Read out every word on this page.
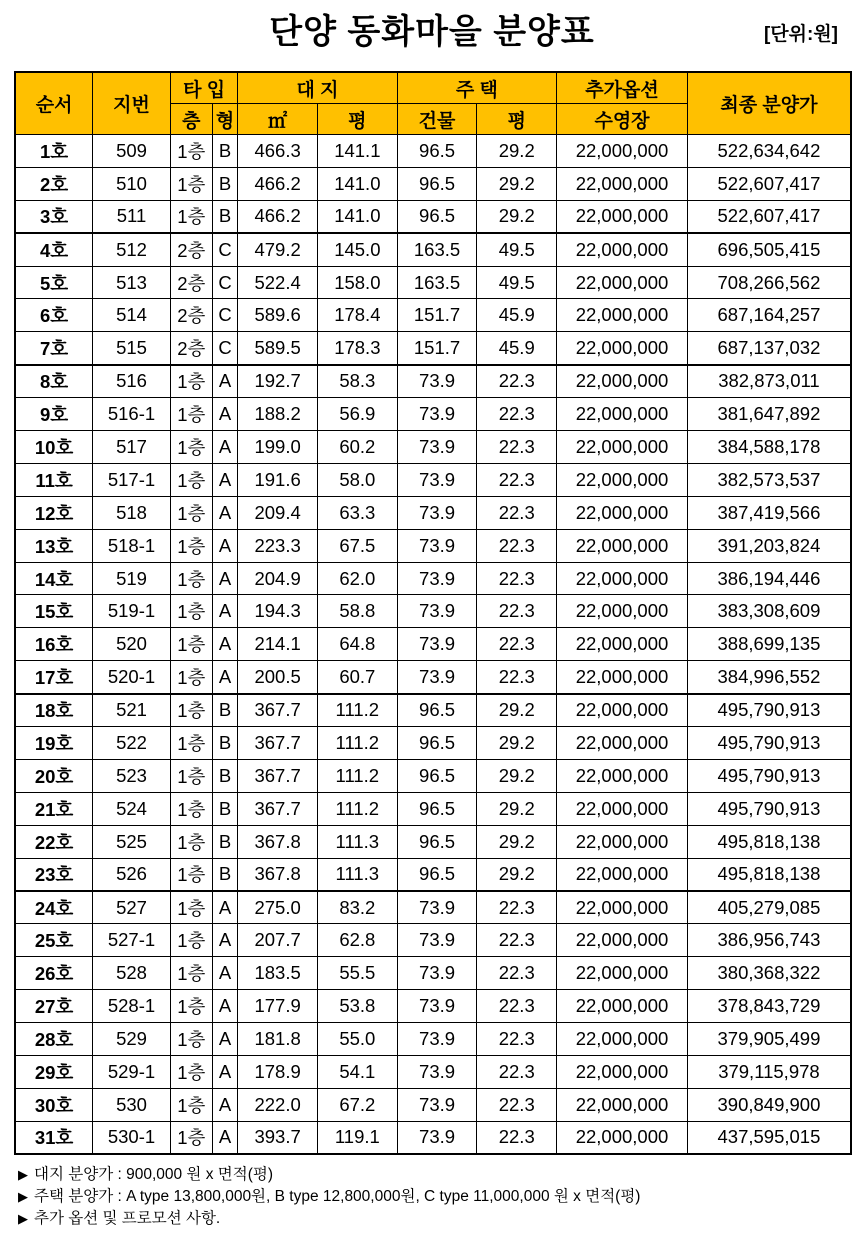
단양 동화마을 분양표	[단위:원]
순서	지번	타 입		대 지		주 택		추가옵션	최종 분양가
		층	형	㎡	평	건물	평	수영장	
1호	509	1층	B	466.3	141.1	96.5	29.2	22,000,000	522,634,642
2호	510	1층	B	466.2	141.0	96.5	29.2	22,000,000	522,607,417
3호	511	1층	B	466.2	141.0	96.5	29.2	22,000,000	522,607,417
4호	512	2층	C	479.2	145.0	163.5	49.5	22,000,000	696,505,415
5호	513	2층	C	522.4	158.0	163.5	49.5	22,000,000	708,266,562
6호	514	2층	C	589.6	178.4	151.7	45.9	22,000,000	687,164,257
7호	515	2층	C	589.5	178.3	151.7	45.9	22,000,000	687,137,032
8호	516	1층	A	192.7	58.3	73.9	22.3	22,000,000	382,873,011
9호	516-1	1층	A	188.2	56.9	73.9	22.3	22,000,000	381,647,892
10호	517	1층	A	199.0	60.2	73.9	22.3	22,000,000	384,588,178
11호	517-1	1층	A	191.6	58.0	73.9	22.3	22,000,000	382,573,537
12호	518	1층	A	209.4	63.3	73.9	22.3	22,000,000	387,419,566
13호	518-1	1층	A	223.3	67.5	73.9	22.3	22,000,000	391,203,824
14호	519	1층	A	204.9	62.0	73.9	22.3	22,000,000	386,194,446
15호	519-1	1층	A	194.3	58.8	73.9	22.3	22,000,000	383,308,609
16호	520	1층	A	214.1	64.8	73.9	22.3	22,000,000	388,699,135
17호	520-1	1층	A	200.5	60.7	73.9	22.3	22,000,000	384,996,552
18호	521	1층	B	367.7	111.2	96.5	29.2	22,000,000	495,790,913
19호	522	1층	B	367.7	111.2	96.5	29.2	22,000,000	495,790,913
20호	523	1층	B	367.7	111.2	96.5	29.2	22,000,000	495,790,913
21호	524	1층	B	367.7	111.2	96.5	29.2	22,000,000	495,790,913
22호	525	1층	B	367.8	111.3	96.5	29.2	22,000,000	495,818,138
23호	526	1층	B	367.8	111.3	96.5	29.2	22,000,000	495,818,138
24호	527	1층	A	275.0	83.2	73.9	22.3	22,000,000	405,279,085
25호	527-1	1층	A	207.7	62.8	73.9	22.3	22,000,000	386,956,743
26호	528	1층	A	183.5	55.5	73.9	22.3	22,000,000	380,368,322
27호	528-1	1층	A	177.9	53.8	73.9	22.3	22,000,000	378,843,729
28호	529	1층	A	181.8	55.0	73.9	22.3	22,000,000	379,905,499
29호	529-1	1층	A	178.9	54.1	73.9	22.3	22,000,000	379,115,978
30호	530	1층	A	222.0	67.2	73.9	22.3	22,000,000	390,849,900
31호	530-1	1층	A	393.7	119.1	73.9	22.3	22,000,000	437,595,015
▶ 대지 분양가 : 900,000 원 x 면적(평)
▶ 주택 분양가 : A type 13,800,000원, B type 12,800,000원, C type 11,000,000 원 x 면적(평)
▶ 추가 옵션 및 프로모션 사항.
